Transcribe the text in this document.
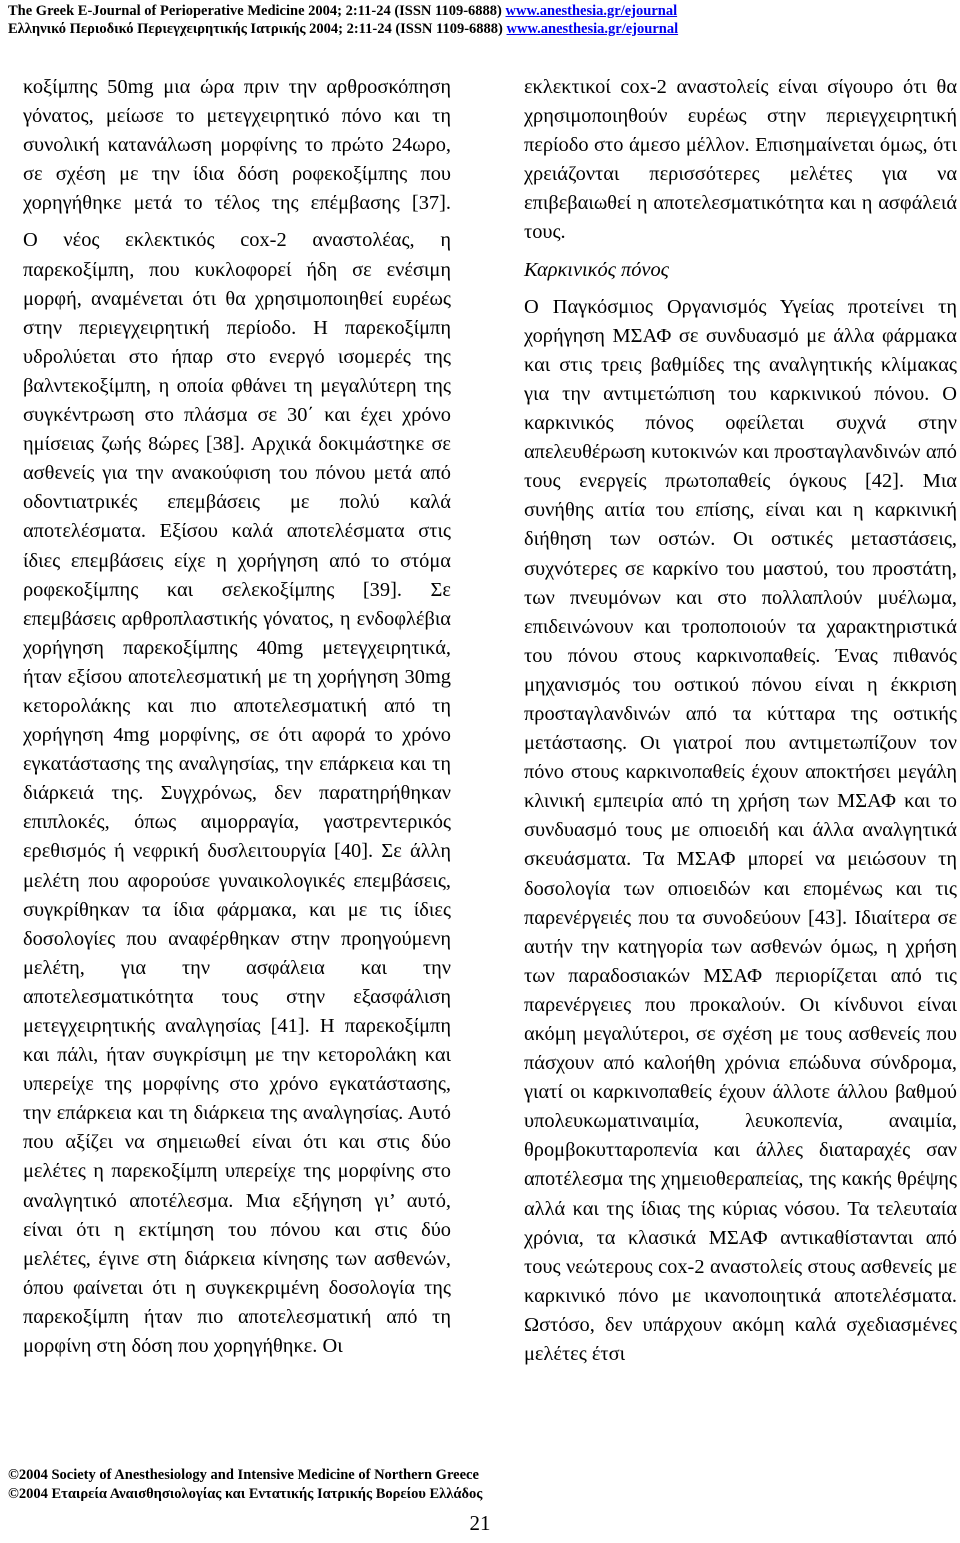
The Greek E-Journal of Perioperative Medicine 2004; 2:11-24 (ISSN 1109-6888) www.anesthesia.gr/ejournal
Ελληνικό Περιοδικό Περιεγχειρητικής Ιατρικής 2004; 2:11-24 (ISSN 1109-6888) www.anesthesia.gr/ejournal

κοξίμπης 50mg μια ώρα πριν την αρθροσκόπηση γόνατος, μείωσε το μετεγχειρητικό πόνο και τη συνολική κατανάλωση μορφίνης το πρώτο 24ωρο, σε σχέση με την ίδια δόση ροφεκοξίμπης που χορηγήθηκε μετά το τέλος της επέμβασης [37].

Ο νέος εκλεκτικός cox-2 αναστολέας, η παρεκοξίμπη, που κυκλοφορεί ήδη σε ενέσιμη μορφή, αναμένεται ότι θα χρησιμοποιηθεί ευρέως στην περιεγχειρητική περίοδο. Η παρεκοξίμπη υδρολύεται στο ήπαρ στο ενεργό ισομερές της βαλντεκοξίμπη, η οποία φθάνει τη μεγαλύτερη της συγκέντρωση στο πλάσμα σε 30΄ και έχει χρόνο ημίσειας ζωής 8ώρες [38]. Αρχικά δοκιμάστηκε σε ασθενείς για την ανακούφιση του πόνου μετά από οδοντιατρικές επεμβάσεις με πολύ καλά αποτελέσματα. Εξίσου καλά αποτελέσματα στις ίδιες επεμβάσεις είχε η χορήγηση από το στόμα ροφεκοξίμπης και σελεκοξίμπης [39]. Σε επεμβάσεις αρθροπλαστικής γόνατος, η ενδοφλέβια χορήγηση παρεκοξίμπης 40mg μετεγχειρητικά, ήταν εξίσου αποτελεσματική με τη χορήγηση 30mg κετορολάκης και πιο αποτελεσματική από τη χορήγηση 4mg μορφίνης, σε ότι αφορά το χρόνο εγκατάστασης της αναλγησίας, την επάρκεια και τη διάρκειά της. Συγχρόνως, δεν παρατηρήθηκαν επιπλοκές, όπως αιμορραγία, γαστρεντερικός ερεθισμός ή νεφρική δυσλειτουργία [40]. Σε άλλη μελέτη που αφορούσε γυναικολογικές επεμβάσεις, συγκρίθηκαν τα ίδια φάρμακα, και με τις ίδιες δοσολογίες που αναφέρθηκαν στην προηγούμενη μελέτη, για την ασφάλεια και την αποτελεσματικότητα τους στην εξασφάλιση μετεγχειρητικής αναλγησίας [41]. Η παρεκοξίμπη και πάλι, ήταν συγκρίσιμη με την κετορολάκη και υπερείχε της μορφίνης στο χρόνο εγκατάστασης, την επάρκεια και τη διάρκεια της αναλγησίας. Αυτό που αξίζει να σημειωθεί είναι ότι και στις δύο μελέτες η παρεκοξίμπη υπερείχε της μορφίνης στο αναλγητικό αποτέλεσμα. Μια εξήγηση γι’ αυτό, είναι ότι η εκτίμηση του πόνου και στις δύο μελέτες, έγινε στη διάρκεια κίνησης των ασθενών, όπου φαίνεται ότι η συγκεκριμένη δοσολογία της παρεκοξίμπη ήταν πιο αποτελεσματική από τη μορφίνη στη δόση που χορηγήθηκε. Οι

εκλεκτικοί cox-2 αναστολείς είναι σίγουρο ότι θα χρησιμοποιηθούν ευρέως στην περιεγχειρητική περίοδο στο άμεσο μέλλον. Επισημαίνεται όμως, ότι χρειάζονται περισσότερες μελέτες για να επιβεβαιωθεί η αποτελεσματικότητα και η ασφάλειά τους.

Καρκινικός πόνος

Ο Παγκόσμιος Οργανισμός Υγείας προτείνει τη χορήγηση ΜΣΑΦ σε συνδυασμό με άλλα φάρμακα και στις τρεις βαθμίδες της αναλγητικής κλίμακας για την αντιμετώπιση του καρκινικού πόνου. Ο καρκινικός πόνος οφείλεται συχνά στην απελευθέρωση κυτοκινών και προσταγλανδινών από τους ενεργείς πρωτοπαθείς όγκους [42]. Μια συνήθης αιτία του επίσης, είναι και η καρκινική διήθηση των οστών. Οι οστικές μεταστάσεις, συχνότερες σε καρκίνο του μαστού, του προστάτη, των πνευμόνων και στο πολλαπλούν μυέλωμα, επιδεινώνουν και τροποποιούν τα χαρακτηριστικά του πόνου στους καρκινοπαθείς. Ένας πιθανός μηχανισμός του οστικού πόνου είναι η έκκριση προσταγλανδινών από τα κύτταρα της οστικής μετάστασης. Οι γιατροί που αντιμετωπίζουν τον πόνο στους καρκινοπαθείς έχουν αποκτήσει μεγάλη κλινική εμπειρία από τη χρήση των ΜΣΑΦ και το συνδυασμό τους με οπιοειδή και άλλα αναλγητικά σκευάσματα. Τα ΜΣΑΦ μπορεί να μειώσουν τη δοσολογία των οπιοειδών και επομένως και τις παρενέργειές που τα συνοδεύουν [43]. Ιδιαίτερα σε αυτήν την κατηγορία των ασθενών όμως, η χρήση των παραδοσιακών ΜΣΑΦ περιορίζεται από τις παρενέργειες που προκαλούν. Οι κίνδυνοι είναι ακόμη μεγαλύτεροι, σε σχέση με τους ασθενείς που πάσχουν από καλοήθη χρόνια επώδυνα σύνδρομα, γιατί οι καρκινοπαθείς έχουν άλλοτε άλλου βαθμού υπολευκωματιναιμία, λευκοπενία, αναιμία, θρομβοκυτταροπενία και άλλες διαταραχές σαν αποτέλεσμα της χημειοθεραπείας, της κακής θρέψης αλλά και της ίδιας της κύριας νόσου. Τα τελευταία χρόνια, τα κλασικά ΜΣΑΦ αντικαθίστανται από τους νεώτερους cox-2 αναστολείς στους ασθενείς με καρκινικό πόνο με ικανοποιητικά αποτελέσματα. Ωστόσο, δεν υπάρχουν ακόμη καλά σχεδιασμένες μελέτες έτσι

©2004 Society of Anesthesiology and Intensive Medicine of Northern Greece
©2004 Εταιρεία Αναισθησιολογίας και Εντατικής Ιατρικής Βορείου Ελλάδος
21
